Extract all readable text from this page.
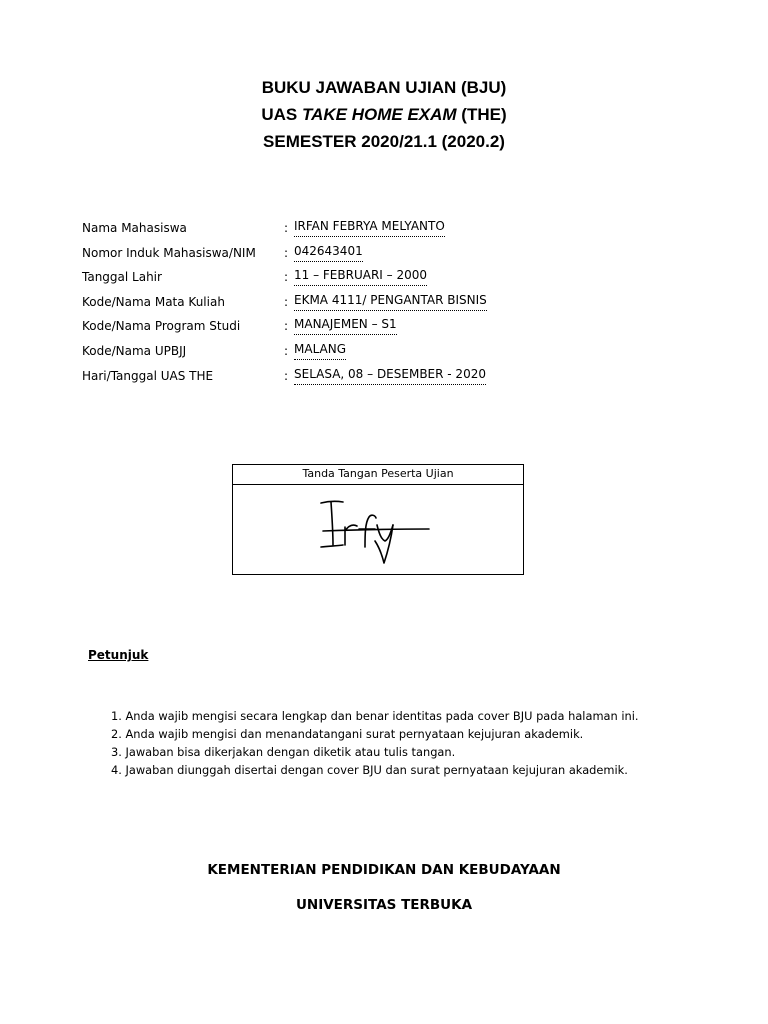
BUKU JAWABAN UJIAN (BJU)
UAS TAKE HOME EXAM (THE)
SEMESTER 2020/21.1 (2020.2)
Nama Mahasiswa	: IRFAN FEBRYA MELYANTO
Nomor Induk Mahasiswa/NIM : 042643401
Tanggal Lahir	: 11 – FEBRUARI – 2000
Kode/Nama Mata Kuliah	: EKMA 4111/ PENGANTAR BISNIS
Kode/Nama Program Studi	: MANAJEMEN – S1
Kode/Nama UPBJJ	: MALANG
Hari/Tanggal UAS THE	: SELASA, 08 – DESEMBER - 2020
Tanda Tangan Peserta Ujian
Petunjuk
1. Anda wajib mengisi secara lengkap dan benar identitas pada cover BJU pada halaman ini.
2. Anda wajib mengisi dan menandatangani surat pernyataan kejujuran akademik.
3. Jawaban bisa dikerjakan dengan diketik atau tulis tangan.
4. Jawaban diunggah disertai dengan cover BJU dan surat pernyataan kejujuran akademik.
KEMENTERIAN PENDIDIKAN DAN KEBUDAYAAN
UNIVERSITAS TERBUKA
